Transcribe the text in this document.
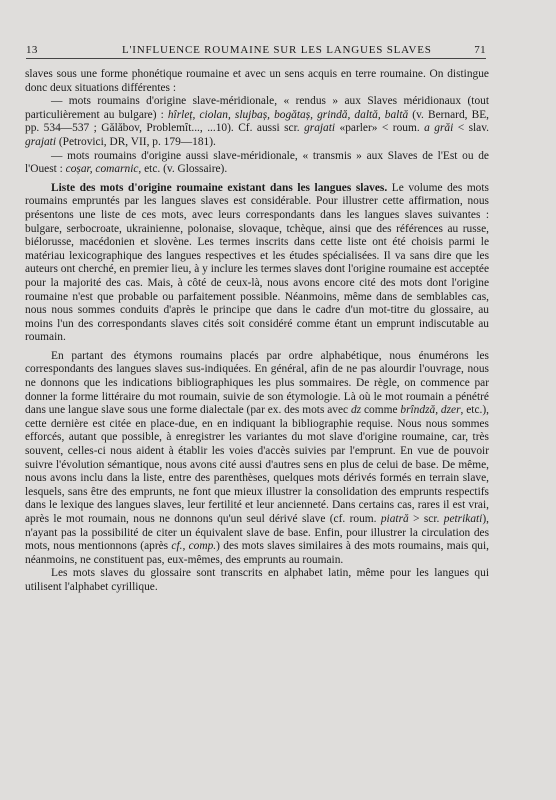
13	L'INFLUENCE ROUMAINE SUR LES LANGUES SLAVES	71

slaves sous une forme phonétique roumaine et avec un sens acquis en terre roumaine. On distingue donc deux situations différentes :

— mots roumains d'origine slave-méridionale, « rendus » aux Slaves méridionaux (tout particulièrement au bulgare) : hîrleț, ciolan, slujbaș, bogătaș, grindă, daltă, baltă (v. Bernard, BE, pp. 534—537 ; Gălăbov, Problemȋt..., ...10). Cf. aussi scr. grajati «parler» < roum. a grăi < slav. grajati (Petrovici, DR, VII, p. 179—181).

— mots roumains d'origine aussi slave-méridionale, « transmis » aux Slaves de l'Est ou de l'Ouest : coșar, comarnic, etc. (v. Glossaire).

Liste des mots d'origine roumaine existant dans les langues slaves. Le volume des mots roumains empruntés par les langues slaves est considérable. Pour illustrer cette affirmation, nous présentons une liste de ces mots, avec leurs correspondants dans les langues slaves suivantes : bulgare, serbocroate, ukrainienne, polonaise, slovaque, tchèque, ainsi que des références au russe, biélorusse, macédonien et slovène. Les termes inscrits dans cette liste ont été choisis parmi le matériau lexicographique des langues respectives et les études spécialisées. Il va sans dire que les auteurs ont cherché, en premier lieu, à y inclure les termes slaves dont l'origine roumaine est acceptée pour la majorité des cas. Mais, à côté de ceux-là, nous avons encore cité des mots dont l'origine roumaine n'est que probable ou parfaitement possible. Néanmoins, même dans de semblables cas, nous nous sommes conduits d'après le principe que dans le cadre d'un mot-titre du glossaire, au moins l'un des correspondants slaves cités soit considéré comme étant un emprunt indiscutable au roumain.

En partant des étymons roumains placés par ordre alphabétique, nous énumérons les correspondants des langues slaves sus-indiquées. En général, afin de ne pas alourdir l'ouvrage, nous ne donnons que les indications bibliographiques les plus sommaires. De règle, on commence par donner la forme littéraire du mot roumain, suivie de son étymologie. Là où le mot roumain a pénétré dans une langue slave sous une forme dialectale (par ex. des mots avec dz comme brîndză, dzer, etc.), cette dernière est citée en place-due, en en indiquant la bibliographie requise. Nous nous sommes efforcés, autant que possible, à enregistrer les variantes du mot slave d'origine roumaine, car, très souvent, celles-ci nous aident à établir les voies d'accès suivies par l'emprunt. En vue de pouvoir suivre l'évolution sémantique, nous avons cité aussi d'autres sens en plus de celui de base. De même, nous avons inclu dans la liste, entre des parenthèses, quelques mots dérivés formés en terrain slave, lesquels, sans être des emprunts, ne font que mieux illustrer la consolidation des emprunts respectifs dans le lexique des langues slaves, leur fertilité et leur ancienneté. Dans certains cas, rares il est vrai, après le mot roumain, nous ne donnons qu'un seul dérivé slave (cf. roum. piatră > scr. petrikati), n'ayant pas la possibilité de citer un équivalent slave de base. Enfin, pour illustrer la circulation des mots, nous mentionnons (après cf., comp.) des mots slaves similaires à des mots roumains, mais qui, néanmoins, ne constituent pas, eux-mêmes, des emprunts au roumain.

Les mots slaves du glossaire sont transcrits en alphabet latin, même pour les langues qui utilisent l'alphabet cyrillique.
